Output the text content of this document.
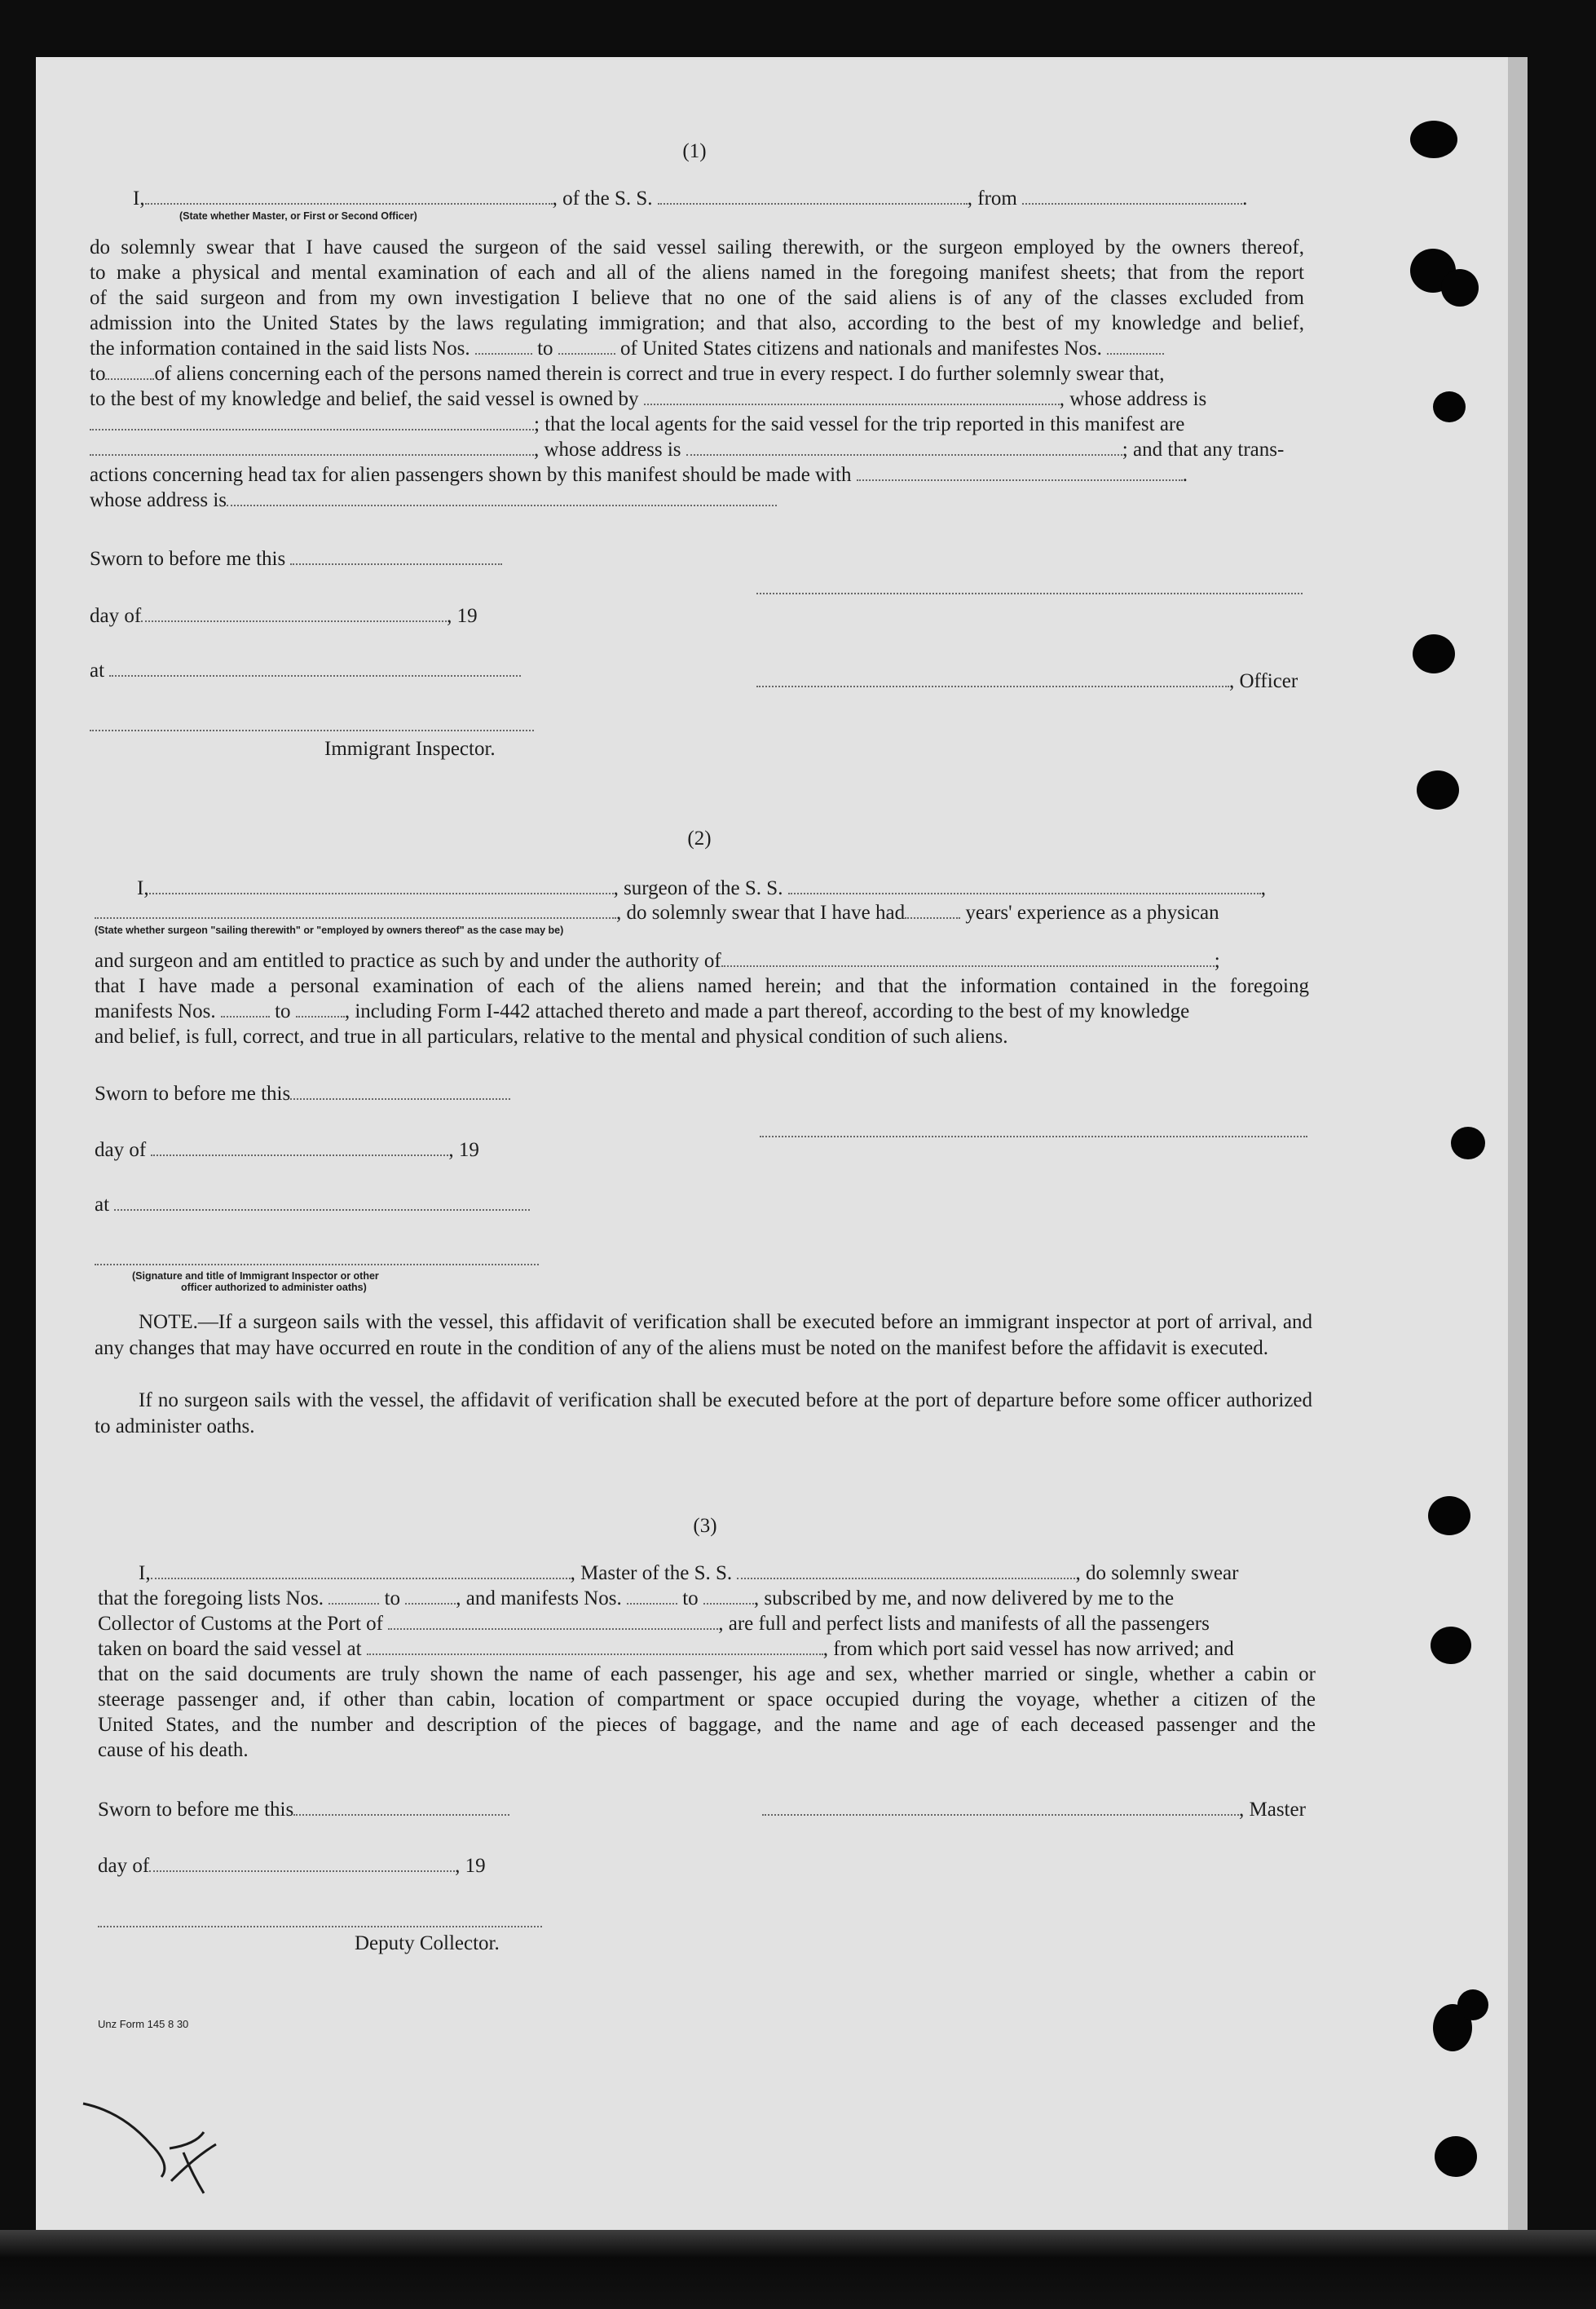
(1)

I,	, of the S. S.	, from	.

(State whether Master, or First or Second Officer)

do solemnly swear that I have caused the surgeon of the said vessel sailing therewith, or the surgeon employed by the owners thereof,

to make a physical and mental examination of each and all of the aliens named in the foregoing manifest sheets; that from the report

of the said surgeon and from my own investigation I believe that no one of the said aliens is of any of the classes excluded from

admission into the United States by the laws regulating immigration; and that also, according to the best of my knowledge and belief,

the information contained in the said lists Nos.	to	of United States citizens and nationals and manifestes Nos.
to of aliens concerning each of the persons named therein is correct and true in every respect. I do further solemnly swear that,
to the best of my knowledge and belief, the said vessel is owned by	, whose address is
; that the local agents for the said vessel for the trip reported in this manifest are
, whose address is	; and that any trans-
actions concerning head tax for alien passengers shown by this manifest should be made with	.
whose address is
Sworn to before me this
day of	, 19
at	, Officer

Immigrant Inspector.

(2)

I,	, surgeon of the S. S.	,
, do solemnly swear that I have had	years' experience as a physican

(State whether surgeon "sailing therewith" or "employed by owners thereof" as the case may be)

and surgeon and am entitled to practice as such by and under the authority of	;

that I have made a personal examination of each of the aliens named herein; and that the information contained in the foregoing

manifests Nos.	to	, including Form I-442 attached thereto and made a part thereof, according to the best of my knowledge

and belief, is full, correct, and true in all particulars, relative to the mental and physical condition of such aliens.

Sworn to before me this
day of	, 19
at

(Signature and title of Immigrant Inspector or other

officer authorized to administer oaths)

NOTE.—If a surgeon sails with the vessel, this affidavit of verification shall be executed before an immigrant inspector at port of arrival, and any changes that may have occurred en route in the condition of any of the aliens must be noted on the manifest before the affidavit is executed.

If no surgeon sails with the vessel, the affidavit of verification shall be executed before at the port of departure before some officer authorized to administer oaths.

(3)

I,	, Master of the S. S.	, do solemnly swear
that the foregoing lists Nos.	to	, and manifests Nos.	to	, subscribed by me, and now delivered by me to the
Collector of Customs at the Port of	, are full and perfect lists and manifests of all the passengers
taken on board the said vessel at	, from which port said vessel has now arrived; and

that on the said documents are truly shown the name of each passenger, his age and sex, whether married or single, whether a cabin or

steerage passenger and, if other than cabin, location of compartment or space occupied during the voyage, whether a citizen of the

United States, and the number and description of the pieces of baggage, and the name and age of each deceased passenger and the

cause of his death.

Sworn to before me this	, Master
day of	, 19

Deputy Collector.

Unz Form 145 8 30
